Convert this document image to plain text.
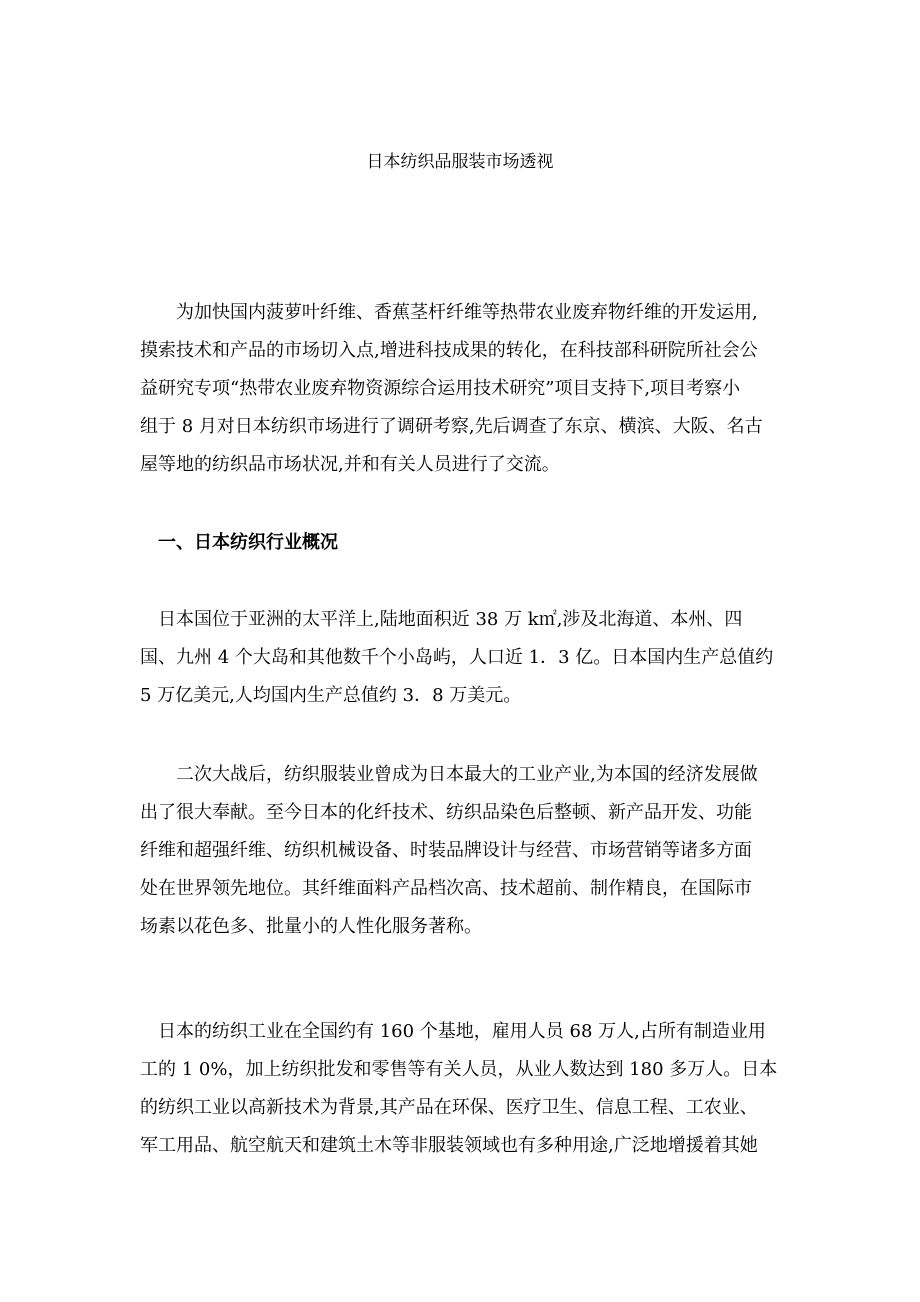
日本纺织品服装市场透视
　　为加快国内菠萝叶纤维、香蕉茎杆纤维等热带农业废弃物纤维的开发运用,
摸索技术和产品的市场切入点,增进科技成果的转化，在科技部科研院所社会公
益研究专项“热带农业废弃物资源综合运用技术研究”项目支持下,项目考察小
组于 8 月对日本纺织市场进行了调研考察,先后调查了东京、横滨、大阪、名古
屋等地的纺织品市场状况,并和有关人员进行了交流。
一、日本纺织行业概况
　日本国位于亚洲的太平洋上,陆地面积近 38 万 k㎡,涉及北海道、本州、四
国、九州 4 个大岛和其他数千个小岛屿，人口近 1．3 亿。日本国内生产总值约
5 万亿美元,人均国内生产总值约 3．8 万美元。
　　二次大战后，纺织服装业曾成为日本最大的工业产业,为本国的经济发展做
出了很大奉献。至今日本的化纤技术、纺织品染色后整顿、新产品开发、功能
纤维和超强纤维、纺织机械设备、时装品牌设计与经营、市场营销等诸多方面
处在世界领先地位。其纤维面料产品档次高、技术超前、制作精良，在国际市
场素以花色多、批量小的人性化服务著称。
　日本的纺织工业在全国约有 160 个基地，雇用人员 68 万人,占所有制造业用
工的 1 0%，加上纺织批发和零售等有关人员，从业人数达到 180 多万人。日本
的纺织工业以高新技术为背景,其产品在环保、医疗卫生、信息工程、工农业、
军工用品、航空航天和建筑土木等非服装领域也有多种用途,广泛地增援着其她
